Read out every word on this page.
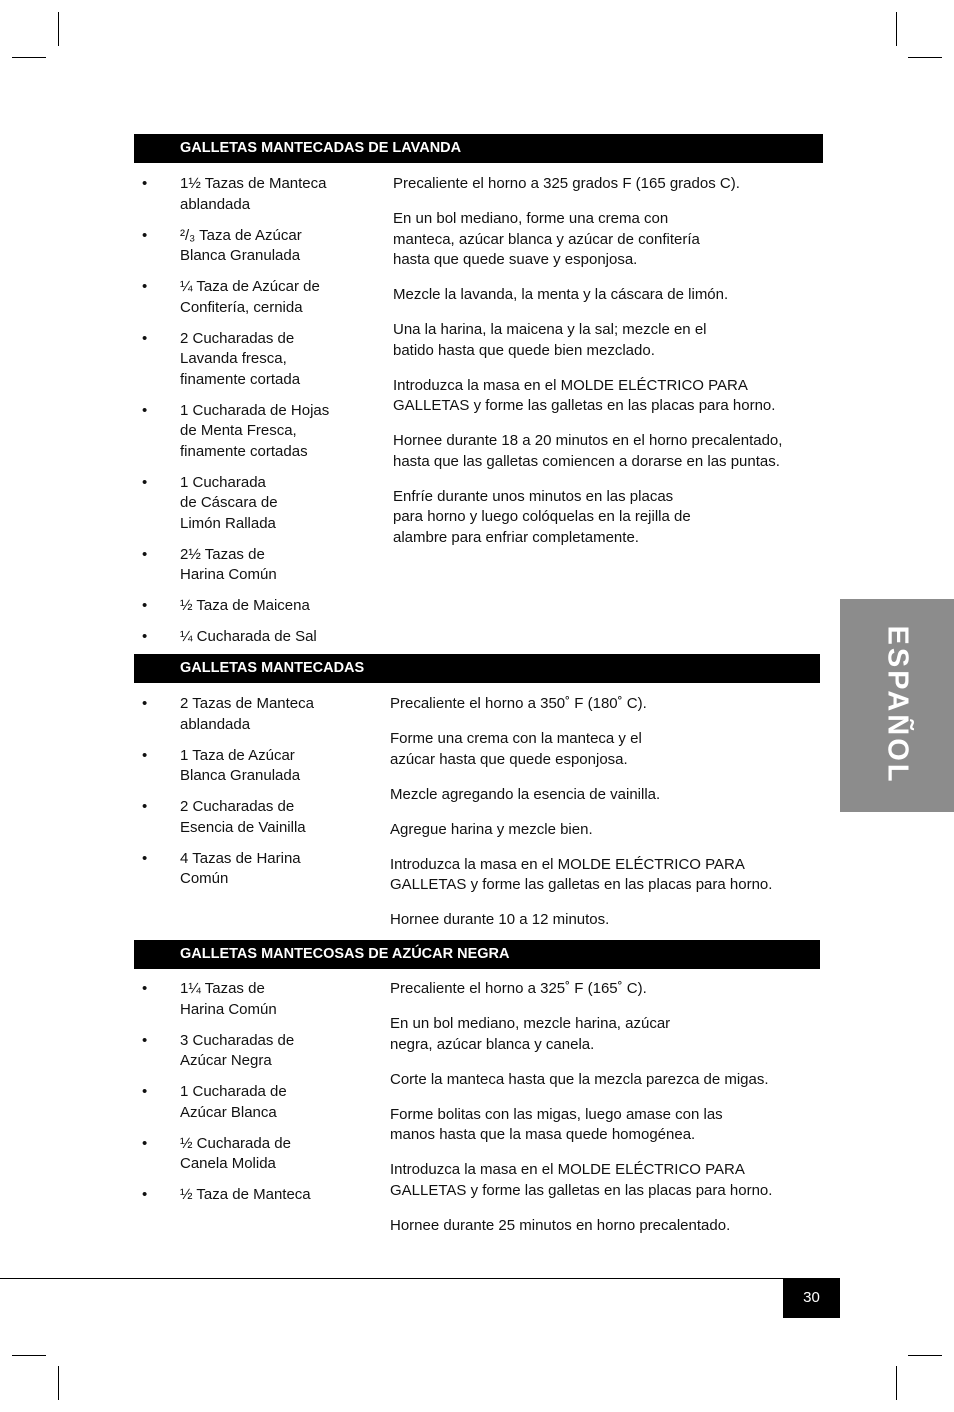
GALLETAS MANTECADAS DE LAVANDA
• 1½ Tazas de Manteca
ablandada
• ²/₃ Taza de Azúcar
Blanca Granulada
• ¼ Taza de Azúcar de
Confitería, cernida
• 2 Cucharadas de
Lavanda fresca,
finamente cortada
• 1 Cucharada de Hojas
de Menta Fresca,
finamente cortadas
• 1 Cucharada
de Cáscara de
Limón Rallada
• 2½ Tazas de
Harina Común
• ½ Taza de Maicena
• ¼ Cucharada de Sal
Precaliente el horno a 325 grados F (165 grados C).
En un bol mediano, forme una crema con
manteca, azúcar blanca y azúcar de confitería
hasta que quede suave y esponjosa.
Mezcle la lavanda, la menta y la cáscara de limón.
Una la harina, la maicena y la sal; mezcle en el
batido hasta que quede bien mezclado.
Introduzca la masa en el MOLDE ELÉCTRICO PARA
GALLETAS y forme las galletas en las placas para horno.
Hornee durante 18 a 20 minutos en el horno precalentado,
hasta que las galletas comiencen a dorarse en las puntas.
Enfríe durante unos minutos en las placas
para horno y luego colóquelas en la rejilla de
alambre para enfriar completamente.
GALLETAS MANTECADAS
• 2 Tazas de Manteca
ablandada
• 1 Taza de Azúcar
Blanca Granulada
• 2 Cucharadas de
Esencia de Vainilla
• 4 Tazas de Harina
Común
Precaliente el horno a 350˚ F (180˚ C).
Forme una crema con la manteca y el
azúcar hasta que quede esponjosa.
Mezcle agregando la esencia de vainilla.
Agregue harina y mezcle bien.
Introduzca la masa en el MOLDE ELÉCTRICO PARA
GALLETAS y forme las galletas en las placas para horno.
Hornee durante 10 a 12 minutos.
GALLETAS MANTECOSAS DE AZÚCAR NEGRA
• 1¼ Tazas de
Harina Común
• 3 Cucharadas de
Azúcar Negra
• 1 Cucharada de
Azúcar Blanca
• ½ Cucharada de
Canela Molida
• ½ Taza de Manteca
Precaliente el horno a 325˚ F (165˚ C).
En un bol mediano, mezcle harina, azúcar
negra, azúcar blanca y canela.
Corte la manteca hasta que la mezcla parezca de migas.
Forme bolitas con las migas, luego amase con las
manos hasta que la masa quede homogénea.
Introduzca la masa en el MOLDE ELÉCTRICO PARA
GALLETAS y forme las galletas en las placas para horno.
Hornee durante 25 minutos en horno precalentado.
ESPAÑOL
30
